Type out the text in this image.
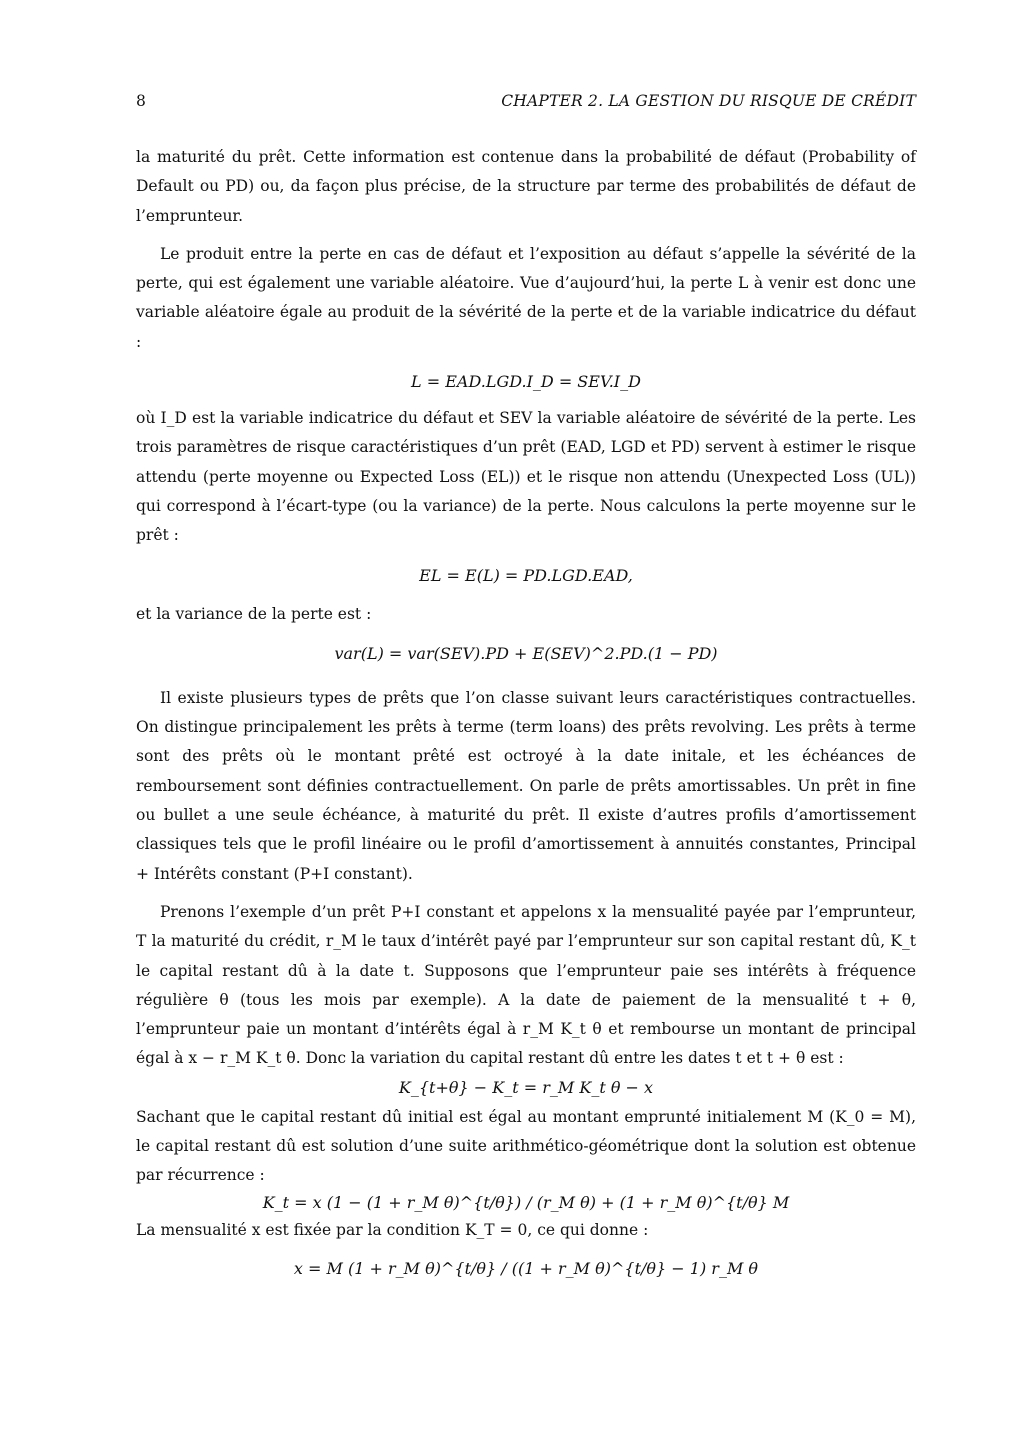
8	CHAPTER 2. LA GESTION DU RISQUE DE CRÉDIT

la maturité du prêt. Cette information est contenue dans la probabilité de défaut (Probability of Default ou PD) ou, da façon plus précise, de la structure par terme des probabilités de défaut de l’emprunteur.

Le produit entre la perte en cas de défaut et l’exposition au défaut s’appelle la sévérité de la perte, qui est également une variable aléatoire. Vue d’aujourd’hui, la perte L à venir est donc une variable aléatoire égale au produit de la sévérité de la perte et de la variable indicatrice du défaut :

L = EAD.LGD.I_D = SEV.I_D

où I_D est la variable indicatrice du défaut et SEV la variable aléatoire de sévérité de la perte. Les trois paramètres de risque caractéristiques d’un prêt (EAD, LGD et PD) servent à estimer le risque attendu (perte moyenne ou Expected Loss (EL)) et le risque non attendu (Unexpected Loss (UL)) qui correspond à l’écart-type (ou la variance) de la perte. Nous calculons la perte moyenne sur le prêt :

EL = E(L) = PD.LGD.EAD,

et la variance de la perte est :

var(L) = var(SEV).PD + E(SEV)^2.PD.(1 − PD)

Il existe plusieurs types de prêts que l’on classe suivant leurs caractéristiques contractuelles. On distingue principalement les prêts à terme (term loans) des prêts revolving. Les prêts à terme sont des prêts où le montant prêté est octroyé à la date initale, et les échéances de remboursement sont définies contractuellement. On parle de prêts amortissables. Un prêt in fine ou bullet a une seule échéance, à maturité du prêt. Il existe d’autres profils d’amortissement classiques tels que le profil linéaire ou le profil d’amortissement à annuités constantes, Principal + Intérêts constant (P+I constant).

Prenons l’exemple d’un prêt P+I constant et appelons x la mensualité payée par l’emprunteur, T la maturité du crédit, r_M le taux d’intérêt payé par l’emprunteur sur son capital restant dû, K_t le capital restant dû à la date t. Supposons que l’emprunteur paie ses intérêts à fréquence régulière θ (tous les mois par exemple). A la date de paiement de la mensualité t + θ, l’emprunteur paie un montant d’intérêts égal à r_M K_t θ et rembourse un montant de principal égal à x − r_M K_t θ. Donc la variation du capital restant dû entre les dates t et t + θ est :

K_{t+θ} − K_t = r_M K_t θ − x

Sachant que le capital restant dû initial est égal au montant emprunté initialement M (K_0 = M), le capital restant dû est solution d’une suite arithmético-géométrique dont la solution est obtenue par récurrence :

K_t = x (1 − (1 + r_M θ)^{t/θ}) / (r_M θ) + (1 + r_M θ)^{t/θ} M

La mensualité x est fixée par la condition K_T = 0, ce qui donne :

x = M (1 + r_M θ)^{t/θ} / ((1 + r_M θ)^{t/θ} − 1) r_M θ
